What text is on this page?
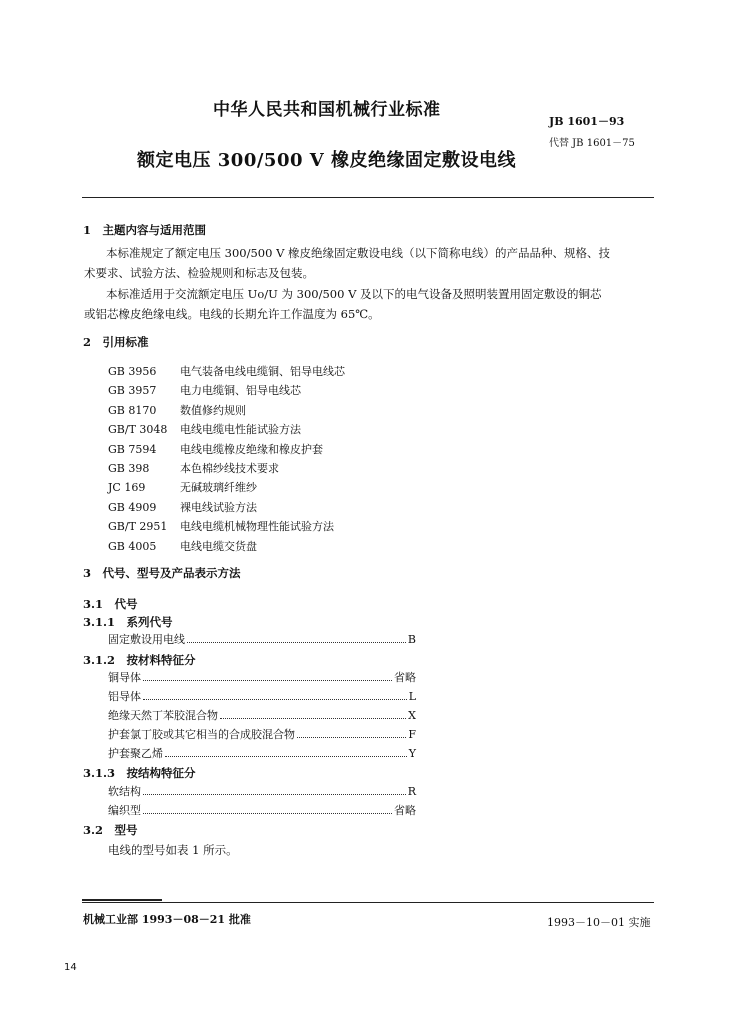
中华人民共和国机械行业标准
JB 1601－93
代替 JB 1601－75
额定电压 300/500 V 橡皮绝缘固定敷设电线
1　主题内容与适用范围
本标准规定了额定电压 300/500 V 橡皮绝缘固定敷设电线（以下简称电线）的产品品种、规格、技
术要求、试验方法、检验规则和标志及包装。
本标准适用于交流额定电压 Uo/U 为 300/500 V 及以下的电气设备及照明装置用固定敷设的铜芯
或铝芯橡皮绝缘电线。电线的长期允许工作温度为 65℃。
2　引用标准
GB 3956	电气装备电线电缆铜、铝导电线芯
GB 3957	电力电缆铜、铝导电线芯
GB 8170	数值修约规则
GB/T 3048	电线电缆电性能试验方法
GB 7594	电线电缆橡皮绝缘和橡皮护套
GB 398	本色棉纱线技术要求
JC 169	无碱玻璃纤维纱
GB 4909	裸电线试验方法
GB/T 2951	电线电缆机械物理性能试验方法
GB 4005	电线电缆交货盘
3　代号、型号及产品表示方法
3.1　代号
3.1.1　系列代号
固定敷设用电线	B
3.1.2　按材料特征分
铜导体	省略
铝导体	L
绝缘天然丁苯胶混合物	X
护套氯丁胶或其它相当的合成胶混合物	F
护套聚乙烯	Y
3.1.3　按结构特征分
软结构	R
编织型	省略
3.2　型号
电线的型号如表 1 所示。
机械工业部 1993－08－21 批准	1993－10－01 实施
14
